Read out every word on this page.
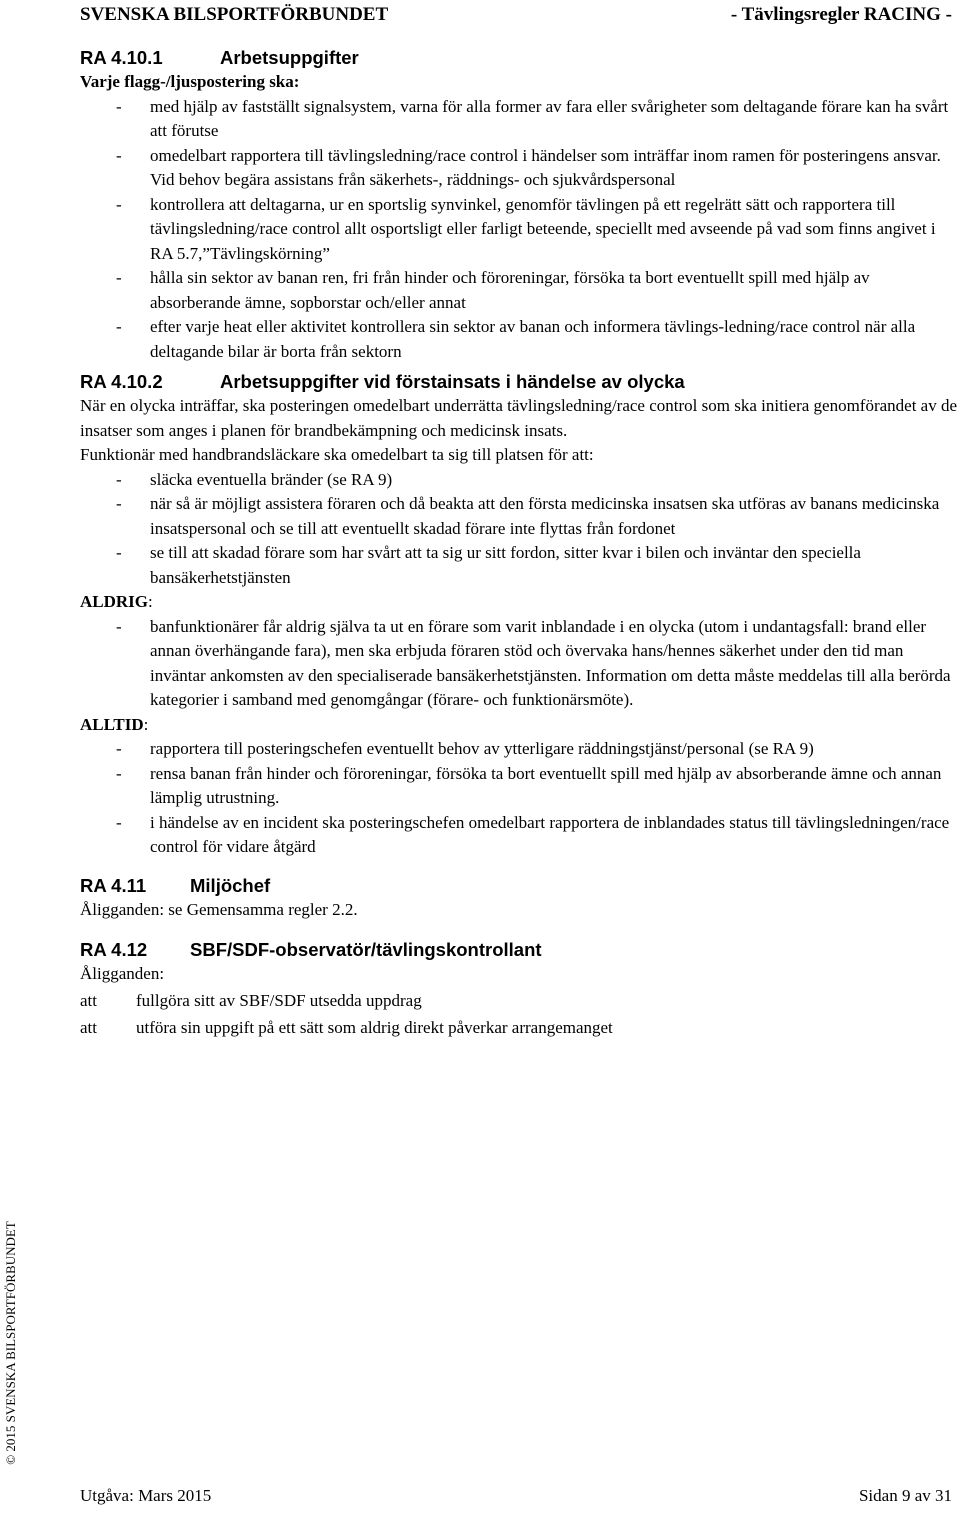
SVENSKA BILSPORTFÖRBUNDET	- Tävlingsregler RACING -
RA 4.10.1	Arbetsuppgifter

Varje flagg-/ljuspostering ska:

- med hjälp av fastställt signalsystem, varna för alla former av fara eller svårigheter som deltagande förare kan ha svårt att förutse
- omedelbart rapportera till tävlingsledning/race control i händelser som inträffar inom ramen för posteringens ansvar. Vid behov begära assistans från säkerhets-, räddnings- och sjukvårdspersonal
- kontrollera att deltagarna, ur en sportslig synvinkel, genomför tävlingen på ett regelrätt sätt och rapportera till tävlingsledning/race control allt osportsligt eller farligt beteende, speciellt med avseende på vad som finns angivet i RA 5.7,”Tävlingskörning”
- hålla sin sektor av banan ren, fri från hinder och föroreningar, försöka ta bort eventuellt spill med hjälp av absorberande ämne, sopborstar och/eller annat
- efter varje heat eller aktivitet kontrollera sin sektor av banan och informera tävlings-ledning/race control när alla deltagande bilar är borta från sektorn
RA 4.10.2	Arbetsuppgifter vid förstainsats i händelse av olycka

När en olycka inträffar, ska posteringen omedelbart underrätta tävlingsledning/race control som ska initiera genomförandet av de insatser som anges i planen för brandbekämpning och medicinsk insats.

Funktionär med handbrandsläckare ska omedelbart ta sig till platsen för att:

- släcka eventuella bränder (se RA 9)
- när så är möjligt assistera föraren och då beakta att den första medicinska insatsen ska utföras av banans medicinska insatspersonal och se till att eventuellt skadad förare inte flyttas från fordonet
- se till att skadad förare som har svårt att ta sig ur sitt fordon, sitter kvar i bilen och inväntar den speciella bansäkerhetstjänsten

ALDRIG:

- banfunktionärer får aldrig själva ta ut en förare som varit inblandade i en olycka (utom i undantagsfall: brand eller annan överhängande fara), men ska erbjuda föraren stöd och övervaka hans/hennes säkerhet under den tid man inväntar ankomsten av den specialiserade bansäkerhetstjänsten. Information om detta måste meddelas till alla berörda kategorier i samband med genomgångar (förare- och funktionärsmöte).

ALLTID:

- rapportera till posteringschefen eventuellt behov av ytterligare räddningstjänst/personal (se RA 9)
- rensa banan från hinder och föroreningar, försöka ta bort eventuellt spill med hjälp av absorberande ämne och annan lämplig utrustning.
- i händelse av en incident ska posteringschefen omedelbart rapportera de inblandades status till tävlingsledningen/race control för vidare åtgärd
RA 4.11	Miljöchef

Åligganden: se Gemensamma regler 2.2.

RA 4.12	SBF/SDF-observatör/tävlingskontrollant

Åligganden:

att	fullgöra sitt av SBF/SDF utsedda uppdrag
att	utföra sin uppgift på ett sätt som aldrig direkt påverkar arrangemanget
© 2015 SVENSKA BILSPORTFÖRBUNDET
Utgåva: Mars 2015	Sidan 9 av 31
